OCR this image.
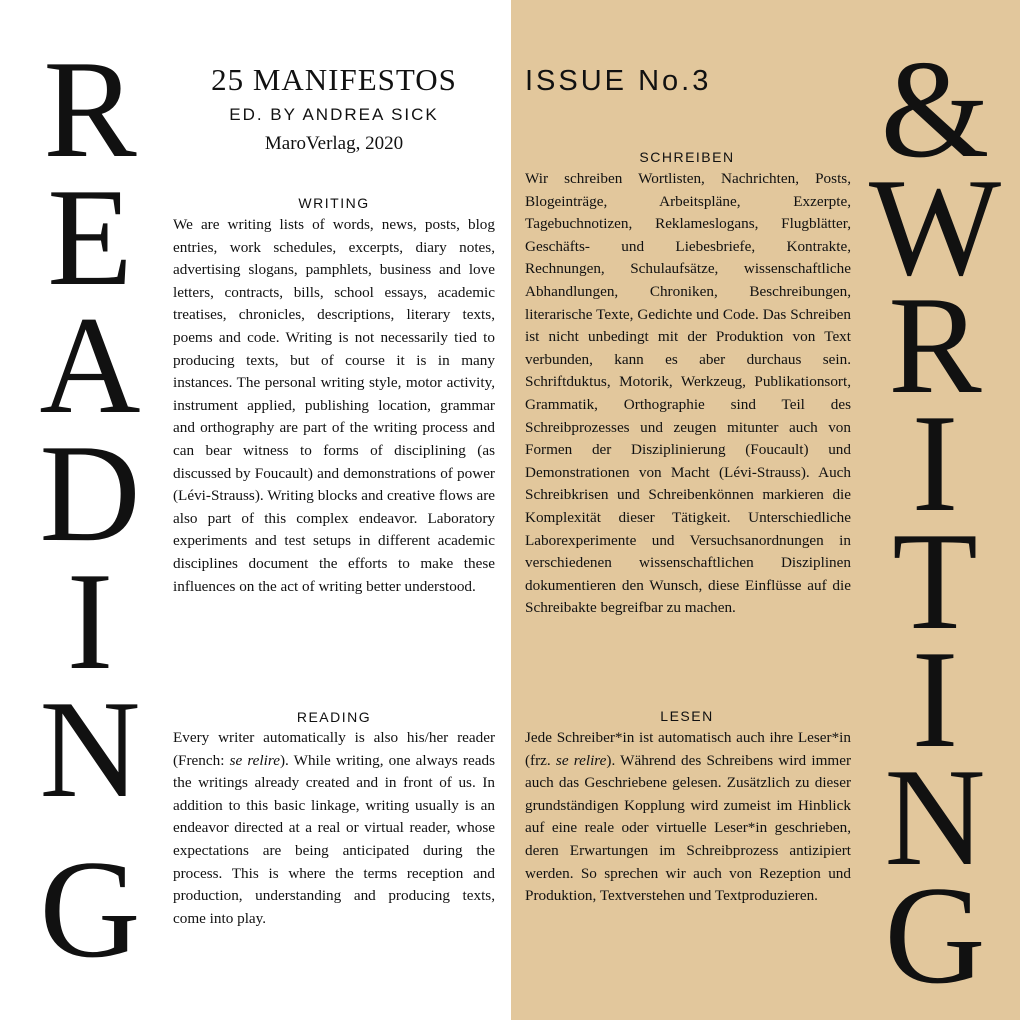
R
E
A
D
I
N
G
&
W
R
I
T
I
N
G

25 MANIFESTOS

ED. BY ANDREA SICK

MaroVerlag, 2020

ISSUE No.3

WRITING

We are writing lists of words, news, posts, blog entries, work schedules, excerpts, diary notes, advertising slogans, pamphlets, business and love letters, contracts, bills, school essays, academic treatises, chronicles, descriptions, literary texts, poems and code. Writing is not necessarily tied to producing texts, but of course it is in many instances. The personal writing style, motor activity, instrument applied, publishing location, grammar and orthography are part of the writing process and can bear witness to forms of disciplining (as discussed by Foucault) and demonstrations of power (Lévi-Strauss). Writing blocks and creative flows are also part of this complex endeavor. Laboratory experiments and test setups in different academic disciplines document the efforts to make these influences on the act of writing better understood.

READING

Every writer automatically is also his/her reader (French: se relire). While writing, one always reads the writings already created and in front of us. In addition to this basic linkage, writing usually is an endeavor directed at a real or virtual reader, whose expectations are being anticipated during the process. This is where the terms reception and production, understanding and producing texts, come into play.

SCHREIBEN

Wir schreiben Wortlisten, Nachrichten, Posts, Blogeinträge, Arbeitspläne, Exzerpte, Tagebuchnotizen, Reklameslogans, Flugblätter, Geschäfts- und Liebesbriefe, Kontrakte, Rechnungen, Schulaufsätze, wissenschaftliche Abhandlungen, Chroniken, Beschreibungen, literarische Texte, Gedichte und Code. Das Schreiben ist nicht unbedingt mit der Produktion von Text verbunden, kann es aber durchaus sein. Schriftduktus, Motorik, Werkzeug, Publikationsort, Grammatik, Orthographie sind Teil des Schreibprozesses und zeugen mitunter auch von Formen der Disziplinierung (Foucault) und Demonstrationen von Macht (Lévi-Strauss). Auch Schreibkrisen und Schreibenkönnen markieren die Komplexität dieser Tätigkeit. Unterschiedliche Laborexperimente und Versuchsanordnungen in verschiedenen wissenschaftlichen Disziplinen dokumentieren den Wunsch, diese Einflüsse auf die Schreibakte begreifbar zu machen.

LESEN

Jede Schreiber*in ist automatisch auch ihre Leser*in (frz. se relire). Während des Schreibens wird immer auch das Geschriebene gelesen. Zusätzlich zu dieser grundständigen Kopplung wird zumeist im Hinblick auf eine reale oder virtuelle Leser*in geschrieben, deren Erwartungen im Schreibprozess antizipiert werden. So sprechen wir auch von Rezeption und Produktion, Textverstehen und Textproduzieren.
